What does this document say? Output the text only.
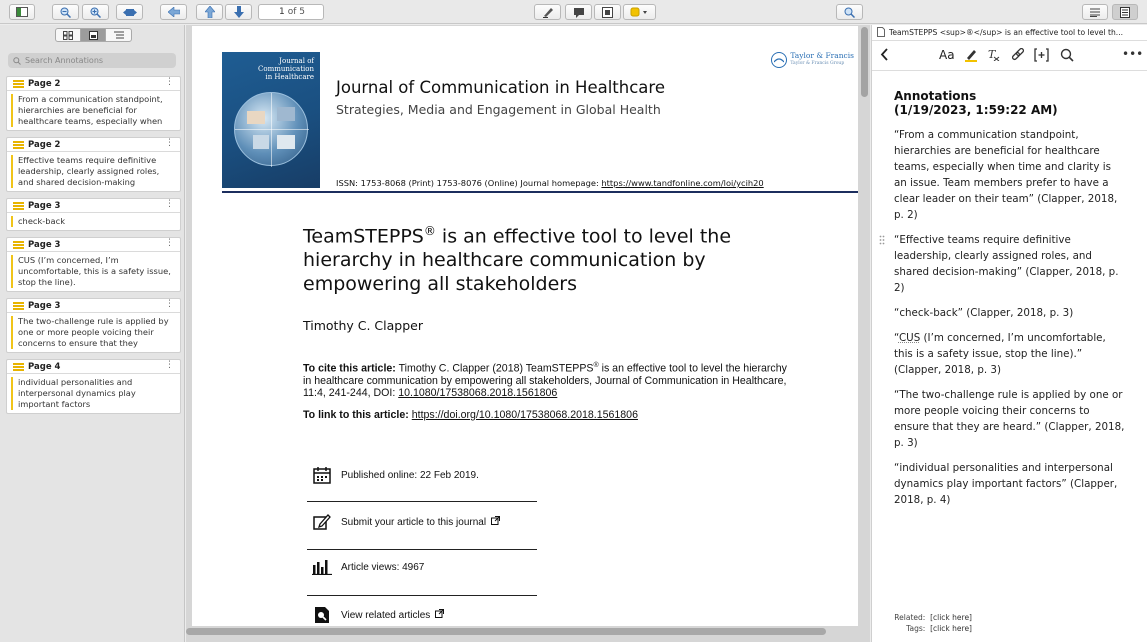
1 of 5
Search Annotations
Page 2	⋮
From a communication standpoint, hierarchies are beneficial for healthcare teams, especially when
Page 2	⋮
Effective teams require definitive leadership, clearly assigned roles, and shared decision-making
Page 3	⋮
check-back
Page 3	⋮
CUS (I’m concerned, I’m uncomfortable, this is a safety issue, stop the line).
Page 3	⋮
The two-challenge rule is applied by one or more people voicing their concerns to ensure that they
Page 4	⋮
individual personalities and interpersonal dynamics play important factors
Journal of Communication in Healthcare
Taylor & Francis
Taylor & Francis Group
Journal of Communication in Healthcare
Strategies, Media and Engagement in Global Health
ISSN: 1753-8068 (Print) 1753-8076 (Online) Journal homepage: https://www.tandfonline.com/loi/ycih20
TeamSTEPPS® is an effective tool to level the hierarchy in healthcare communication by empowering all stakeholders
Timothy C. Clapper
To cite this article: Timothy C. Clapper (2018) TeamSTEPPS® is an effective tool to level the hierarchy in healthcare communication by empowering all stakeholders, Journal of Communication in Healthcare, 11:4, 241-244, DOI: 10.1080/17538068.2018.1561806
To link to this article: https://doi.org/10.1080/17538068.2018.1561806
Published online: 22 Feb 2019.
Submit your article to this journal
Article views: 4967
View related articles
TeamSTEPPS <sup>®</sup> is an effective tool to level th...
Aa	T	•••
Annotations
(1/19/2023, 1:59:22 AM)
“From a communication standpoint, hierarchies are beneficial for healthcare teams, especially when time and clarity is an issue. Team members prefer to have a clear leader on their team” (Clapper, 2018, p. 2)
“Effective teams require definitive leadership, clearly assigned roles, and shared decision-making” (Clapper, 2018, p. 2)
“check-back” (Clapper, 2018, p. 3)
“CUS (I’m concerned, I’m uncomfortable, this is a safety issue, stop the line).” (Clapper, 2018, p. 3)
“The two-challenge rule is applied by one or more people voicing their concerns to ensure that they are heard.” (Clapper, 2018, p. 3)
“individual personalities and interpersonal dynamics play important factors” (Clapper, 2018, p. 4)
Related: [click here]
Tags: [click here]
